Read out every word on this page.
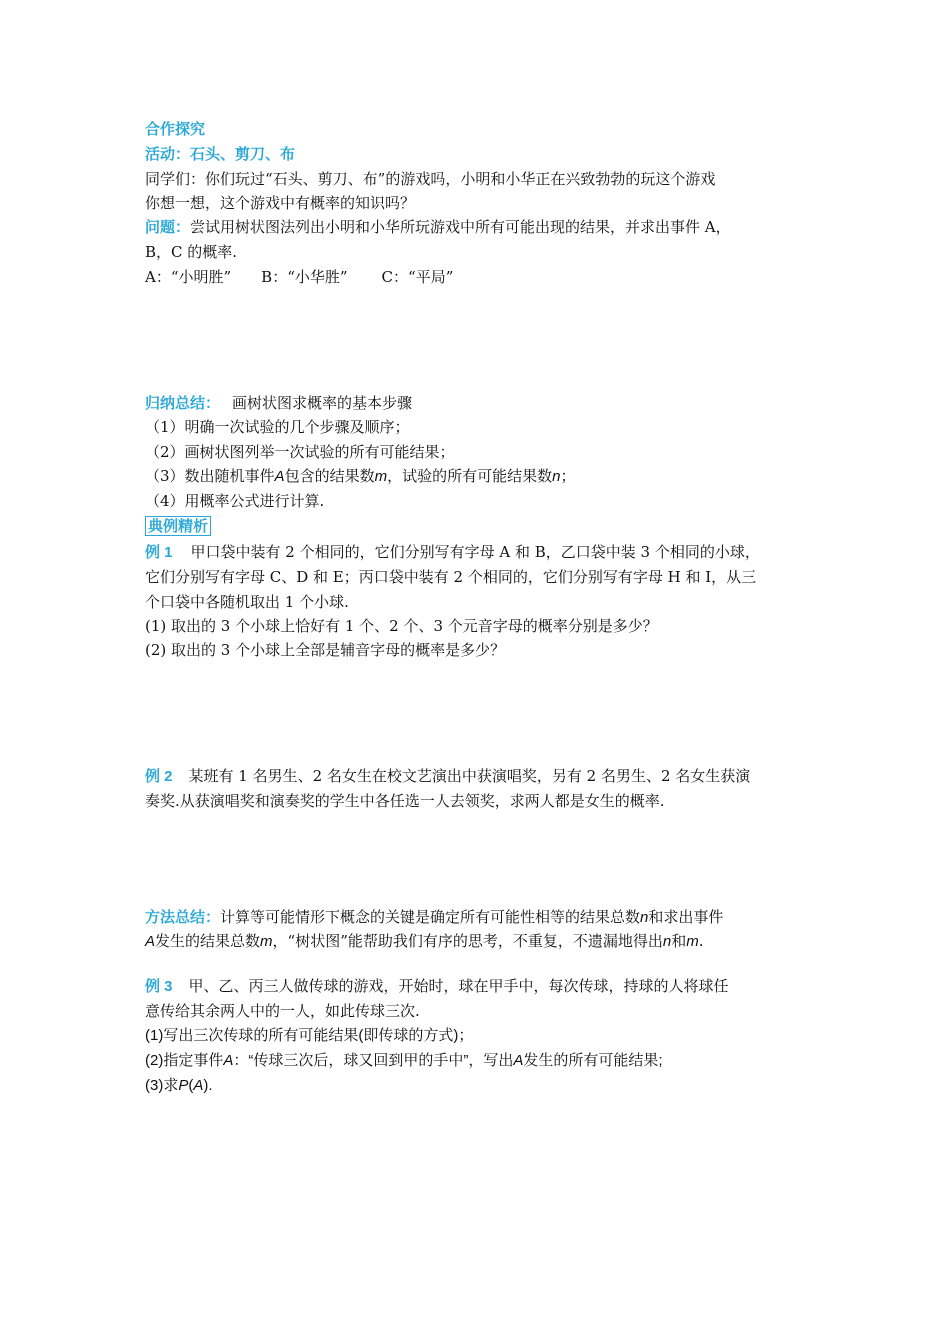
合作探究
活动：石头、剪刀、布
同学们：你们玩过“石头、剪刀、布”的游戏吗，小明和小华正在兴致勃勃的玩这个游戏
你想一想，这个游戏中有概率的知识吗？
问题：尝试用树状图法列出小明和小华所玩游戏中所有可能出现的结果，并求出事件 A，
B，C 的概率.
A：“小明胜” B：“小华胜” C：“平局”
归纳总结： 画树状图求概率的基本步骤
（1）明确一次试验的几个步骤及顺序；
（2）画树状图列举一次试验的所有可能结果；
（3）数出随机事件A包含的结果数m，试验的所有可能结果数n；
（4）用概率公式进行计算.
典例精析
例 1 甲口袋中装有 2 个相同的，它们分别写有字母 A 和 B，乙口袋中装 3 个相同的小球，
它们分别写有字母 C、D 和 E；丙口袋中装有 2 个相同的，它们分别写有字母 H 和 I，从三
个口袋中各随机取出 1 个小球.
(1) 取出的 3 个小球上恰好有 1 个、2 个、3 个元音字母的概率分别是多少？
(2) 取出的 3 个小球上全部是辅音字母的概率是多少？
例 2 某班有 1 名男生、2 名女生在校文艺演出中获演唱奖，另有 2 名男生、2 名女生获演
奏奖.从获演唱奖和演奏奖的学生中各任选一人去领奖，求两人都是女生的概率.
方法总结：计算等可能情形下概念的关键是确定所有可能性相等的结果总数n和求出事件
A发生的结果总数m，“树状图”能帮助我们有序的思考，不重复，不遗漏地得出n和m.
例 3 甲、乙、丙三人做传球的游戏，开始时，球在甲手中，每次传球，持球的人将球任
意传给其余两人中的一人，如此传球三次.
(1)写出三次传球的所有可能结果(即传球的方式)；
(2)指定事件A：“传球三次后，球又回到甲的手中”，写出A发生的所有可能结果;
(3)求P(A).
